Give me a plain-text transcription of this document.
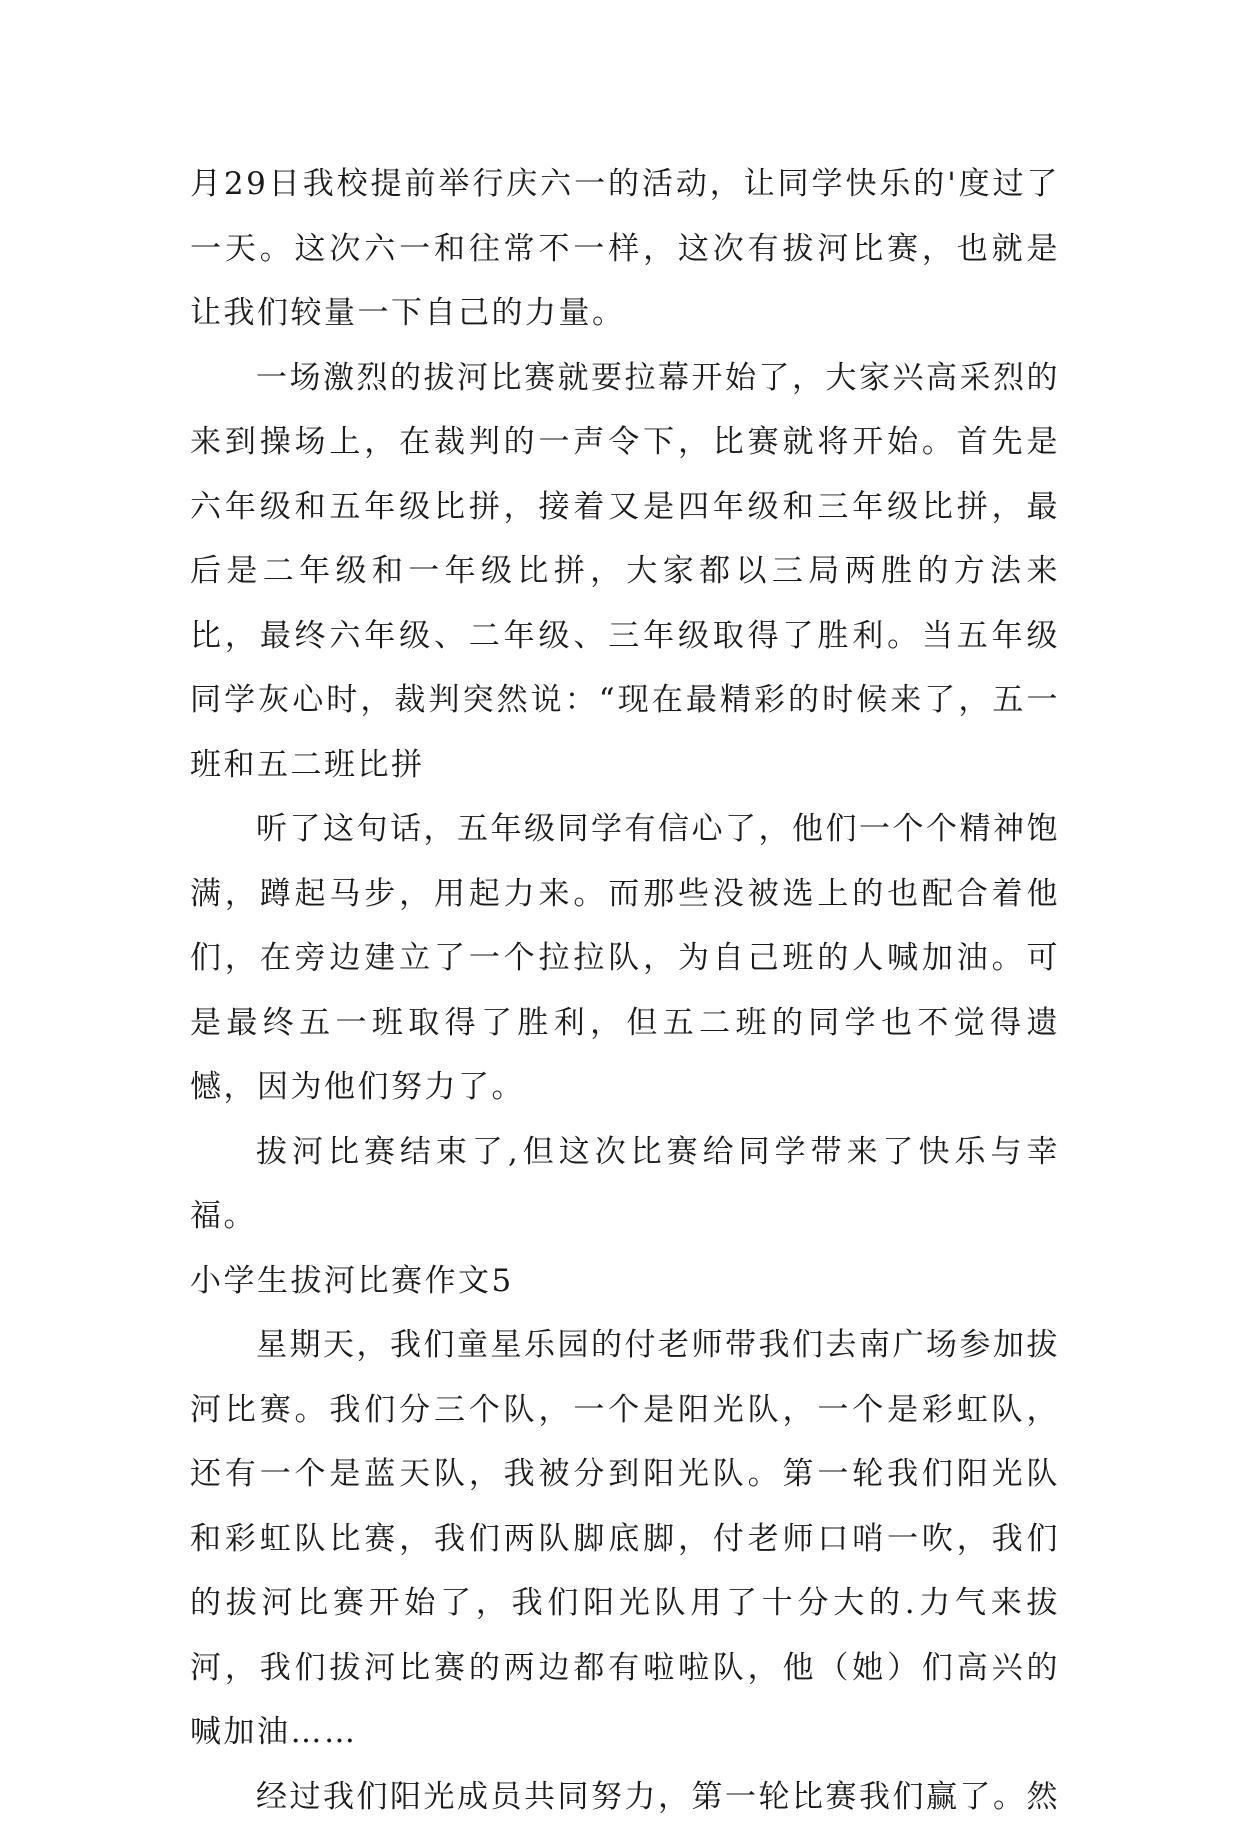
月29日我校提前举行庆六一的活动，让同学快乐的'度过了一天。这次六一和往常不一样，这次有拔河比赛，也就是让我们较量一下自己的力量。

一场激烈的拔河比赛就要拉幕开始了，大家兴高采烈的来到操场上，在裁判的一声令下，比赛就将开始。首先是六年级和五年级比拼，接着又是四年级和三年级比拼，最后是二年级和一年级比拼，大家都以三局两胜的方法来比，最终六年级、二年级、三年级取得了胜利。当五年级同学灰心时，裁判突然说：“现在最精彩的时候来了，五一班和五二班比拼

听了这句话，五年级同学有信心了，他们一个个精神饱满，蹲起马步，用起力来。而那些没被选上的也配合着他们，在旁边建立了一个拉拉队，为自己班的人喊加油。可是最终五一班取得了胜利，但五二班的同学也不觉得遗憾，因为他们努力了。

拔河比赛结束了,但这次比赛给同学带来了快乐与幸福。

小学生拔河比赛作文5

星期天，我们童星乐园的付老师带我们去南广场参加拔河比赛。我们分三个队，一个是阳光队，一个是彩虹队，还有一个是蓝天队，我被分到阳光队。第一轮我们阳光队和彩虹队比赛，我们两队脚底脚，付老师口哨一吹，我们的拔河比赛开始了，我们阳光队用了十分大的.力气来拔河，我们拔河比赛的两边都有啦啦队，他（她）们高兴的喊加油……

经过我们阳光成员共同努力，第一轮比赛我们赢了。然
